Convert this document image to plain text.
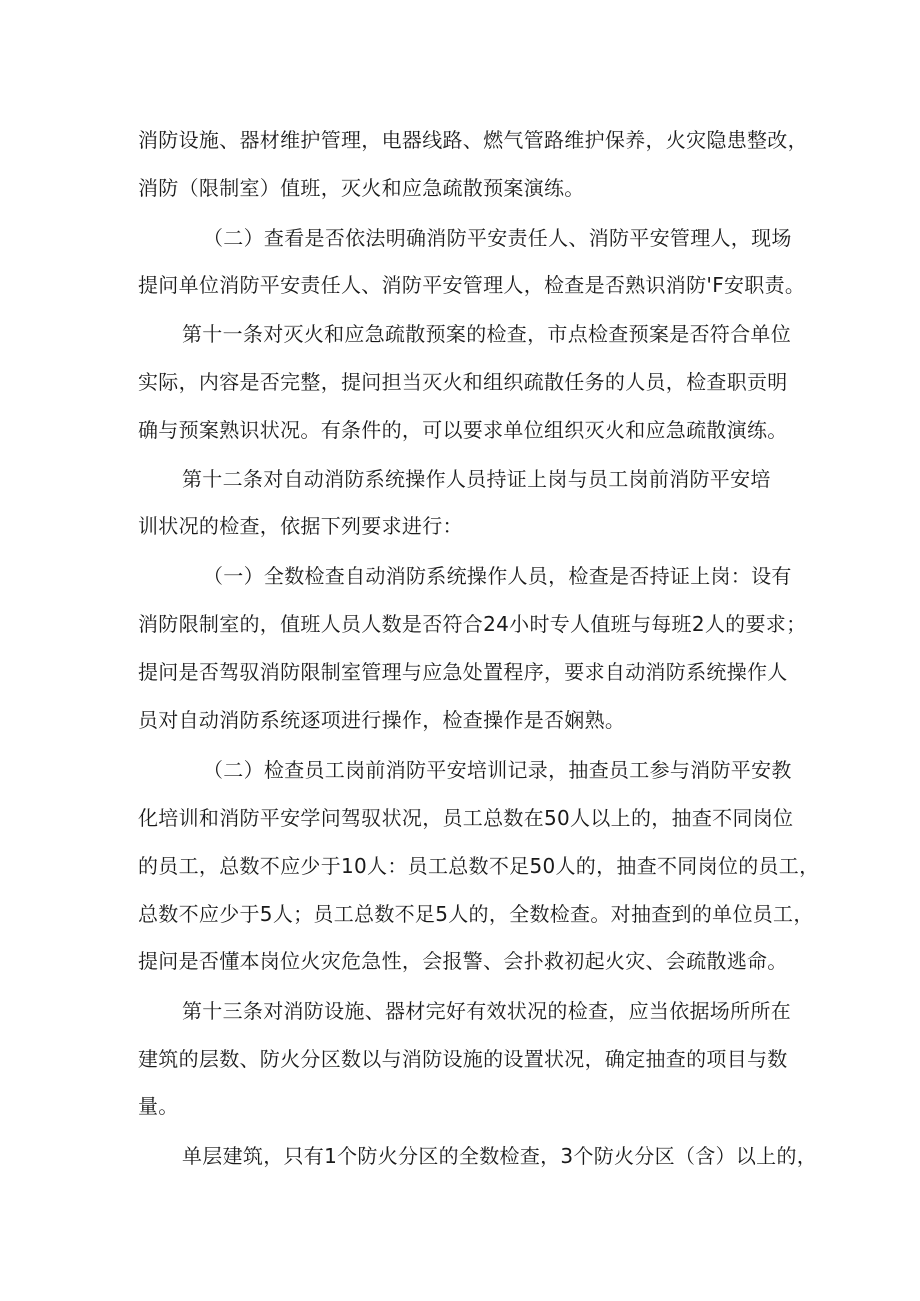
消防设施、器材维护管理，电器线路、燃气管路维护保养，火灾隐患整改，
消防（限制室）值班，灭火和应急疏散预案演练。
（二）查看是否依法明确消防平安责任人、消防平安管理人，现场
提问单位消防平安责任人、消防平安管理人，检查是否熟识消防'F安职责。
第十一条对灭火和应急疏散预案的检查，市点检查预案是否符合单位
实际，内容是否完整，提问担当灭火和组织疏散任务的人员，检查职贡明
确与预案熟识状况。有条件的，可以要求单位组织灭火和应急疏散演练。
第十二条对自动消防系统操作人员持证上岗与员工岗前消防平安培
训状况的检查，依据下列要求进行：
（一）全数检查自动消防系统操作人员，检查是否持证上岗：设有
消防限制室的，值班人员人数是否符合24小时专人值班与每班2人的要求；
提问是否驾驭消防限制室管理与应急处置程序，要求自动消防系统操作人
员对自动消防系统逐项进行操作，检查操作是否娴熟。
（二）检查员工岗前消防平安培训记录，抽查员工参与消防平安教
化培训和消防平安学问驾驭状况，员工总数在50人以上的，抽查不同岗位
的员工，总数不应少于10人：员工总数不足50人的，抽查不同岗位的员工，
总数不应少于5人；员工总数不足5人的，全数检查。对抽查到的单位员工，
提问是否懂本岗位火灾危急性，会报警、会扑救初起火灾、会疏散逃命。
第十三条对消防设施、器材完好有效状况的检查，应当依据场所所在
建筑的层数、防火分区数以与消防设施的设置状况，确定抽查的项目与数
量。
单层建筑，只有1个防火分区的全数检查，3个防火分区（含）以上的，
